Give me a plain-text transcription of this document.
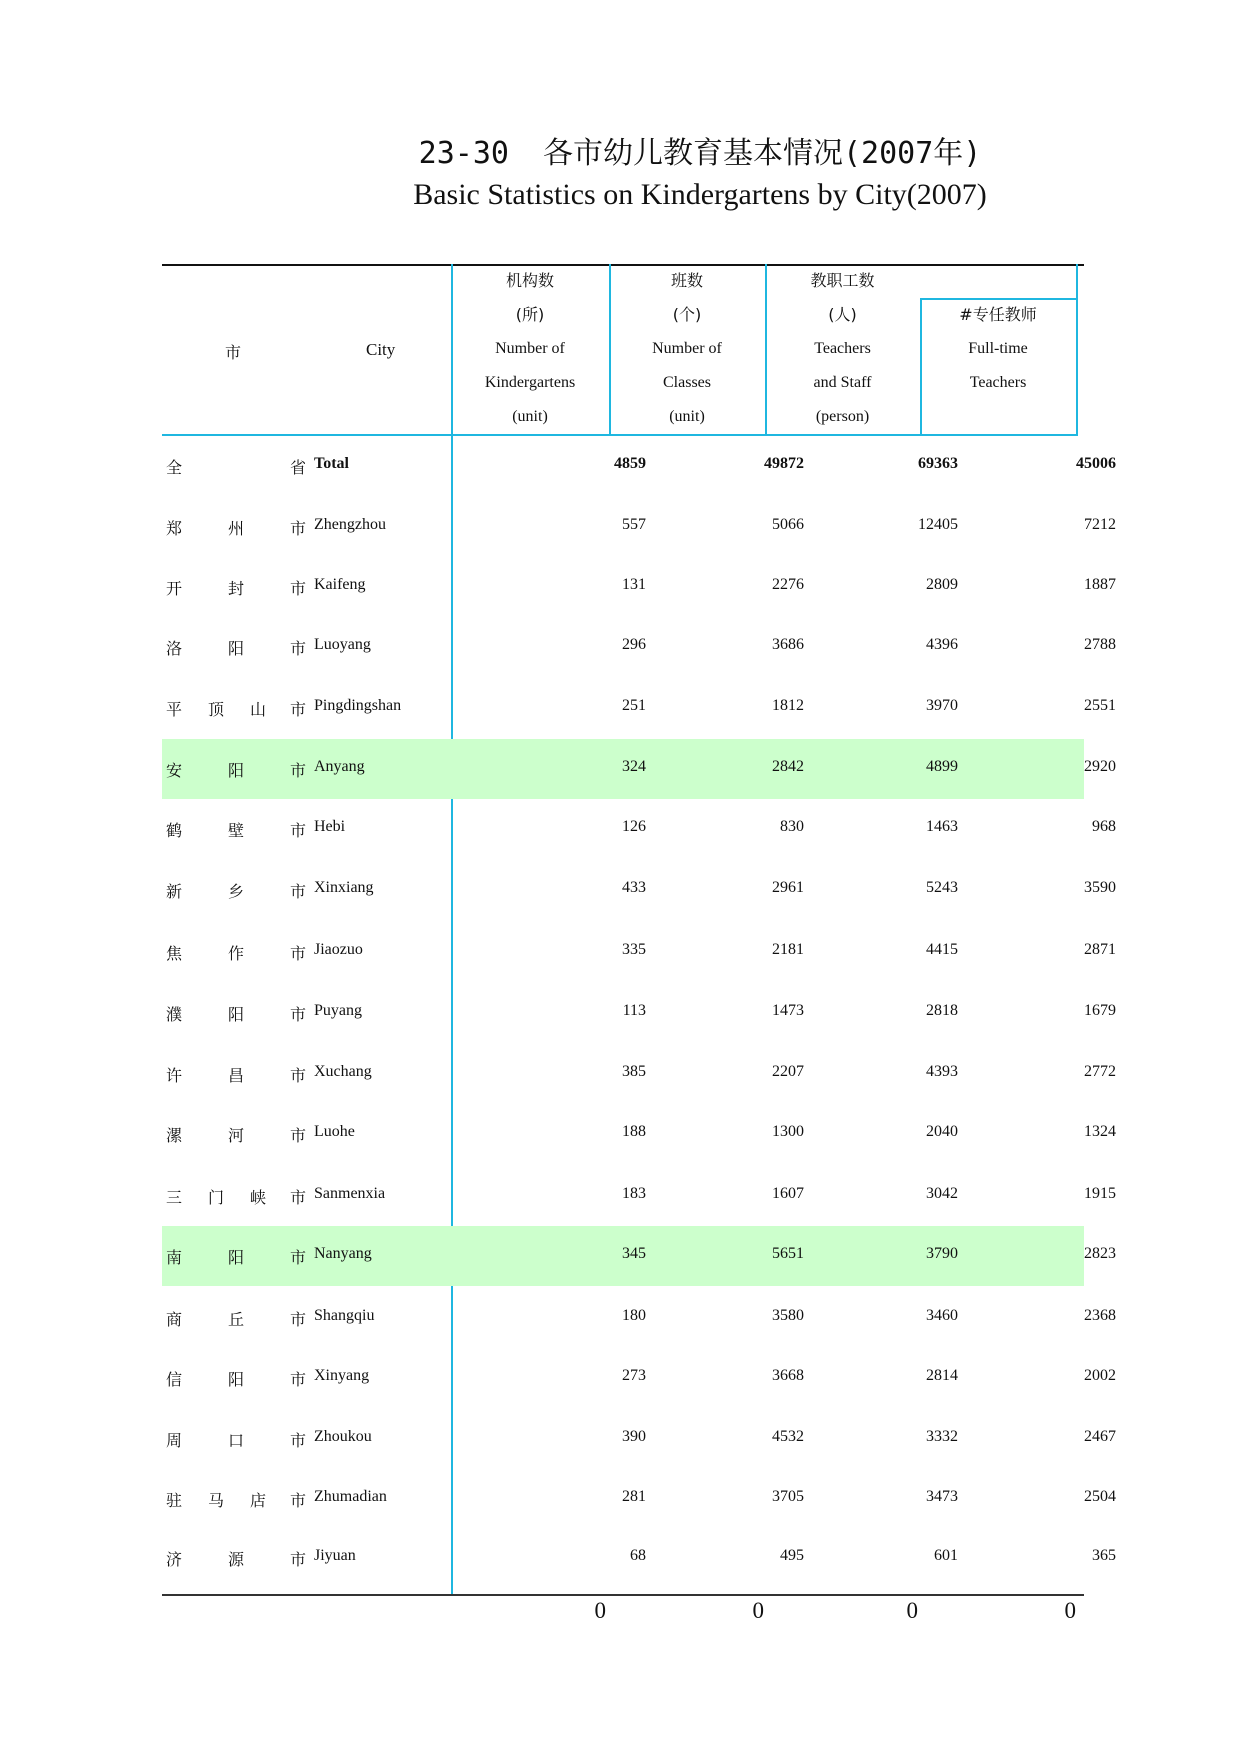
23-30 各市幼儿教育基本情况(2007年)
Basic Statistics on Kindergartens by City(2007)
市	City
机构数
(所)
Number of
Kindergartens
(unit)
班数
(个)
Number of
Classes
(unit)
教职工数
(人)
Teachers
and Staff
(person)
#专任教师
Full-time
Teachers
全	省 Total	4859	49872	69363	45006
郑	州	市 Zhengzhou	557	5066	12405	7212
开	封	市 Kaifeng	131	2276	2809	1887
洛	阳	市 Luoyang	296	3686	4396	2788
平 顶 山 市 Pingdingshan	251	1812	3970	2551
安	阳	市 Anyang	324	2842	4899	2920
鹤	壁	市 Hebi	126	830	1463	968
新	乡	市 Xinxiang	433	2961	5243	3590
焦	作	市 Jiaozuo	335	2181	4415	2871
濮	阳	市 Puyang	113	1473	2818	1679
许	昌	市 Xuchang	385	2207	4393	2772
漯	河	市 Luohe	188	1300	2040	1324
三 门 峡 市 Sanmenxia	183	1607	3042	1915
南	阳	市 Nanyang	345	5651	3790	2823
商	丘	市 Shangqiu	180	3580	3460	2368
信	阳	市 Xinyang	273	3668	2814	2002
周	口	市 Zhoukou	390	4532	3332	2467
驻 马 店 市 Zhumadian	281	3705	3473	2504
济	源	市 Jiyuan	68	495	601	365
0	0	0	0
